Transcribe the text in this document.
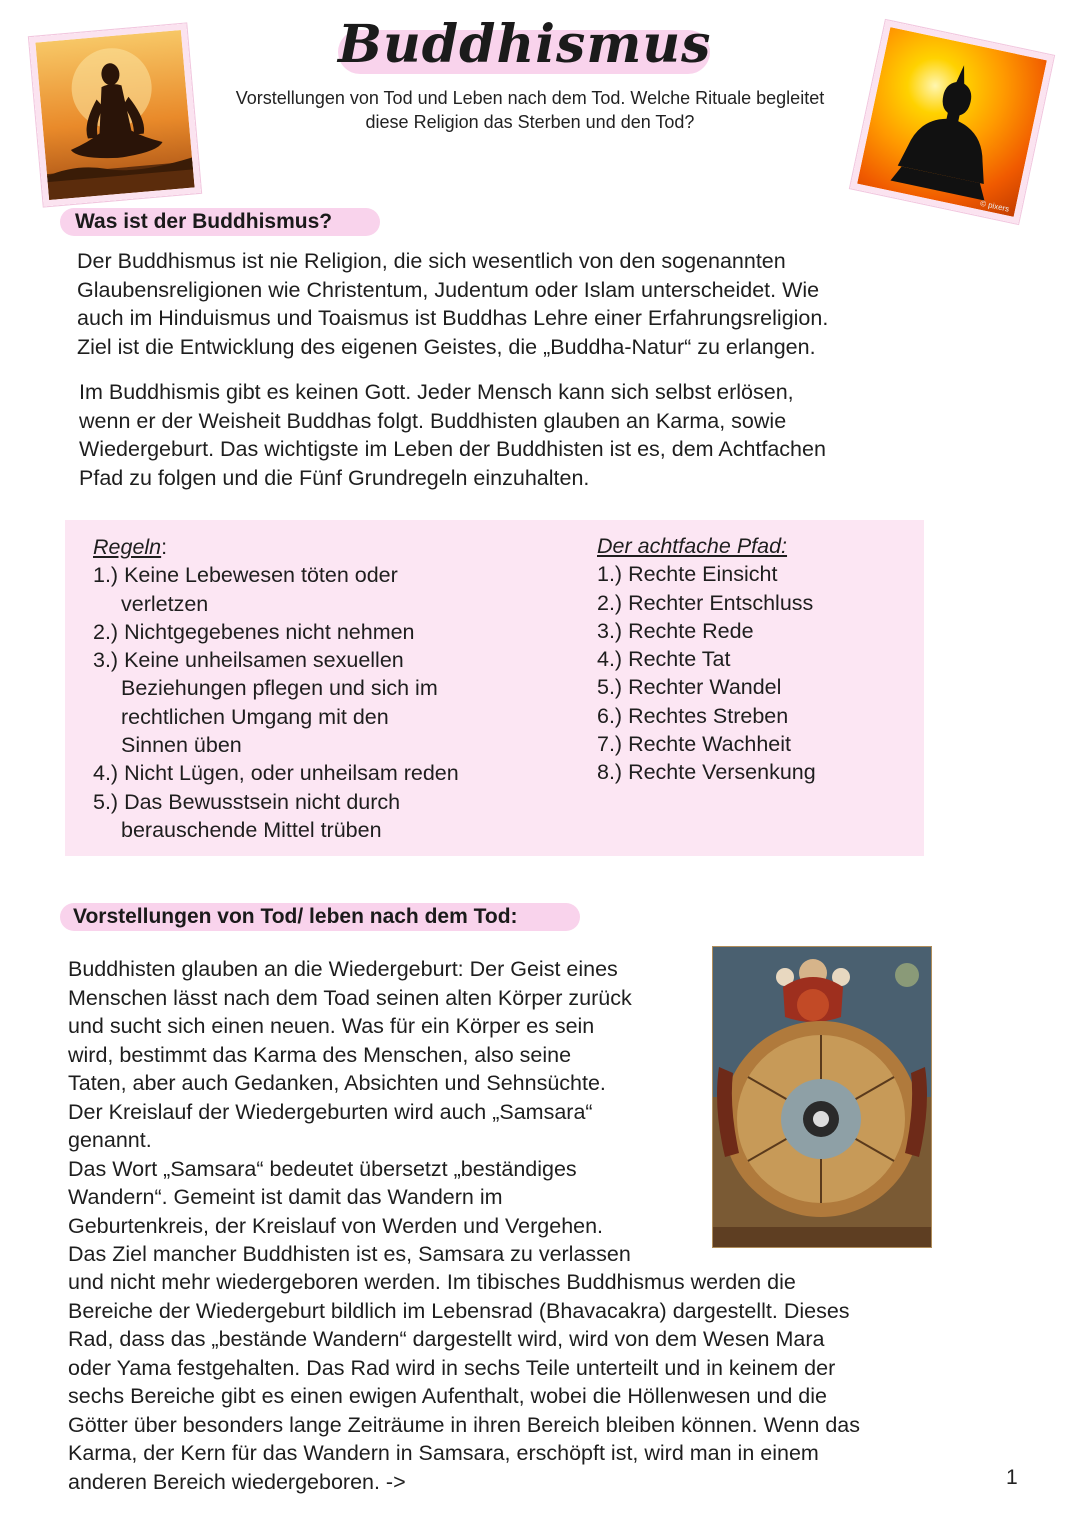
Buddhismus
Vorstellungen von Tod und Leben nach dem Tod. Welche Rituale begleitet
diese Religion das Sterben und den Tod?
© pixers
Was ist der Buddhismus?
Der Buddhismus ist nie Religion, die sich wesentlich von den sogenannten
Glaubensreligionen wie Christentum, Judentum oder Islam unterscheidet. Wie
auch im Hinduismus und Toaismus ist Buddhas Lehre einer Erfahrungsreligion.
Ziel ist die Entwicklung des eigenen Geistes, die „Buddha-Natur“ zu erlangen.
Im Buddhismis gibt es keinen Gott. Jeder Mensch kann sich selbst erlösen,
wenn er der Weisheit Buddhas folgt. Buddhisten glauben an Karma, sowie
Wiedergeburt. Das wichtigste im Leben der Buddhisten ist es, dem Achtfachen
Pfad zu folgen und die Fünf Grundregeln einzuhalten.
Regeln:
1.) Keine Lebewesen töten oder
verletzen
2.) Nichtgegebenes nicht nehmen
3.) Keine unheilsamen sexuellen
Beziehungen pflegen und sich im
rechtlichen Umgang mit den
Sinnen üben
4.) Nicht Lügen, oder unheilsam reden
5.) Das Bewusstsein nicht durch
berauschende Mittel trüben
Der achtfache Pfad:
1.) Rechte Einsicht
2.) Rechter Entschluss
3.) Rechte Rede
4.) Rechte Tat
5.) Rechter Wandel
6.) Rechtes Streben
7.) Rechte Wachheit
8.) Rechte Versenkung
Vorstellungen von Tod/ leben nach dem Tod:
Buddhisten glauben an die Wiedergeburt: Der Geist eines
Menschen lässt nach dem Toad seinen alten Körper zurück
und sucht sich einen neuen. Was für ein Körper es sein
wird, bestimmt das Karma des Menschen, also seine
Taten, aber auch Gedanken, Absichten und Sehnsüchte.
Der Kreislauf der Wiedergeburten wird auch „Samsara“
genannt.
Das Wort „Samsara“ bedeutet übersetzt „beständiges
Wandern“. Gemeint ist damit das Wandern im
Geburtenkreis, der Kreislauf von Werden und Vergehen.
Das Ziel mancher Buddhisten ist es, Samsara zu verlassen
und nicht mehr wiedergeboren werden. Im tibisches Buddhismus werden die
Bereiche der Wiedergeburt bildlich im Lebensrad (Bhavacakra) dargestellt. Dieses
Rad, dass das „bestände Wandern“ dargestellt wird, wird von dem Wesen Mara
oder Yama festgehalten. Das Rad wird in sechs Teile unterteilt und in keinem der
sechs Bereiche gibt es einen ewigen Aufenthalt, wobei die Höllenwesen und die
Götter über besonders lange Zeiträume in ihren Bereich bleiben können. Wenn das
Karma, der Kern für das Wandern in Samsara, erschöpft ist, wird man in einem
anderen Bereich wiedergeboren. ->	1
